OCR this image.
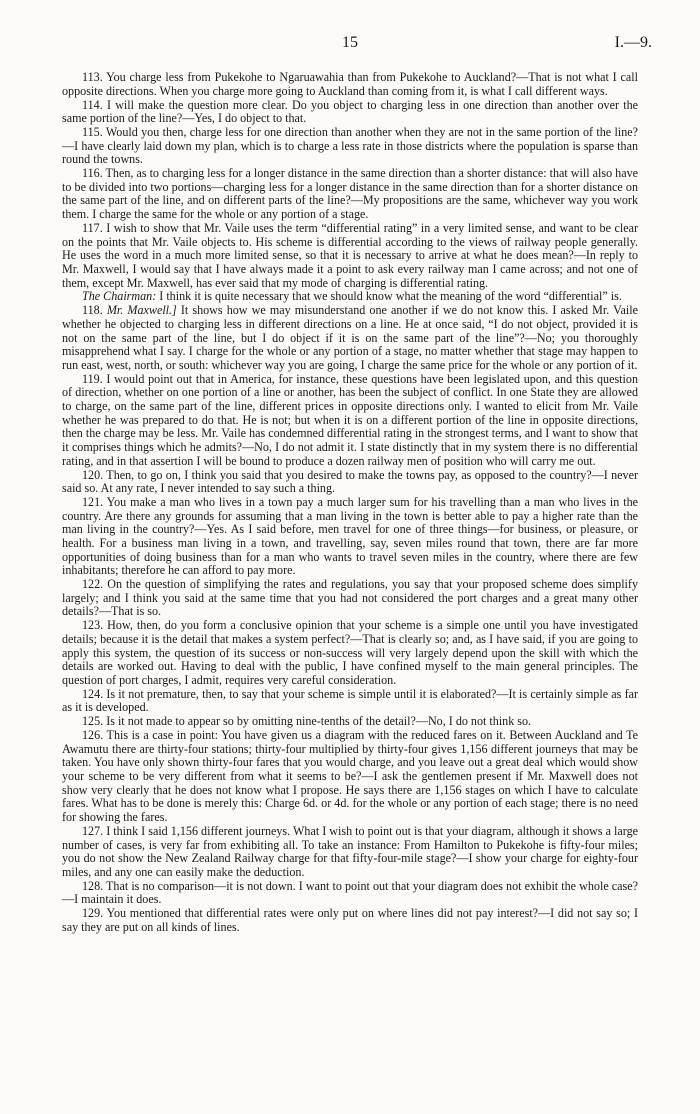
15	I.—9.

113. You charge less from Pukekohe to Ngaruawahia than from Pukekohe to Auckland?—That is not what I call opposite directions. When you charge more going to Auckland than coming from it, is what I call different ways.

114. I will make the question more clear. Do you object to charging less in one direction than another over the same portion of the line?—Yes, I do object to that.

115. Would you then, charge less for one direction than another when they are not in the same portion of the line?—I have clearly laid down my plan, which is to charge a less rate in those districts where the population is sparse than round the towns.

116. Then, as to charging less for a longer distance in the same direction than a shorter distance: that will also have to be divided into two portions—charging less for a longer distance in the same direction than for a shorter distance on the same part of the line, and on different parts of the line?—My propositions are the same, whichever way you work them. I charge the same for the whole or any portion of a stage.

117. I wish to show that Mr. Vaile uses the term “differential rating” in a very limited sense, and want to be clear on the points that Mr. Vaile objects to. His scheme is differential according to the views of railway people generally. He uses the word in a much more limited sense, so that it is necessary to arrive at what he does mean?—In reply to Mr. Maxwell, I would say that I have always made it a point to ask every railway man I came across; and not one of them, except Mr. Maxwell, has ever said that my mode of charging is differential rating.

The Chairman: I think it is quite necessary that we should know what the meaning of the word “differential” is.

118. Mr. Maxwell.] It shows how we may misunderstand one another if we do not know this. I asked Mr. Vaile whether he objected to charging less in different directions on a line. He at once said, “I do not object, provided it is not on the same part of the line, but I do object if it is on the same part of the line”?—No; you thoroughly misapprehend what I say. I charge for the whole or any portion of a stage, no matter whether that stage may happen to run east, west, north, or south: whichever way you are going, I charge the same price for the whole or any portion of it.

119. I would point out that in America, for instance, these questions have been legislated upon, and this question of direction, whether on one portion of a line or another, has been the subject of conflict. In one State they are allowed to charge, on the same part of the line, different prices in opposite directions only. I wanted to elicit from Mr. Vaile whether he was prepared to do that. He is not; but when it is on a different portion of the line in opposite directions, then the charge may be less. Mr. Vaile has condemned differential rating in the strongest terms, and I want to show that it comprises things which he admits?—No, I do not admit it. I state distinctly that in my system there is no differential rating, and in that assertion I will be bound to produce a dozen railway men of position who will carry me out.

120. Then, to go on, I think you said that you desired to make the towns pay, as opposed to the country?—I never said so. At any rate, I never intended to say such a thing.

121. You make a man who lives in a town pay a much larger sum for his travelling than a man who lives in the country. Are there any grounds for assuming that a man living in the town is better able to pay a higher rate than the man living in the country?—Yes. As I said before, men travel for one of three things—for business, or pleasure, or health. For a business man living in a town, and travelling, say, seven miles round that town, there are far more opportunities of doing business than for a man who wants to travel seven miles in the country, where there are few inhabitants; therefore he can afford to pay more.

122. On the question of simplifying the rates and regulations, you say that your proposed scheme does simplify largely; and I think you said at the same time that you had not considered the port charges and a great many other details?—That is so.

123. How, then, do you form a conclusive opinion that your scheme is a simple one until you have investigated details; because it is the detail that makes a system perfect?—That is clearly so; and, as I have said, if you are going to apply this system, the question of its success or non-success will very largely depend upon the skill with which the details are worked out. Having to deal with the public, I have confined myself to the main general principles. The question of port charges, I admit, requires very careful consideration.

124. Is it not premature, then, to say that your scheme is simple until it is elaborated?—It is certainly simple as far as it is developed.

125. Is it not made to appear so by omitting nine-tenths of the detail?—No, I do not think so.

126. This is a case in point: You have given us a diagram with the reduced fares on it. Between Auckland and Te Awamutu there are thirty-four stations; thirty-four multiplied by thirty-four gives 1,156 different journeys that may be taken. You have only shown thirty-four fares that you would charge, and you leave out a great deal which would show your scheme to be very different from what it seems to be?—I ask the gentlemen present if Mr. Maxwell does not show very clearly that he does not know what I propose. He says there are 1,156 stages on which I have to calculate fares. What has to be done is merely this: Charge 6d. or 4d. for the whole or any portion of each stage; there is no need for showing the fares.

127. I think I said 1,156 different journeys. What I wish to point out is that your diagram, although it shows a large number of cases, is very far from exhibiting all. To take an instance: From Hamilton to Pukekohe is fifty-four miles; you do not show the New Zealand Railway charge for that fifty-four-mile stage?—I show your charge for eighty-four miles, and any one can easily make the deduction.

128. That is no comparison—it is not down. I want to point out that your diagram does not exhibit the whole case?—I maintain it does.

129. You mentioned that differential rates were only put on where lines did not pay interest?—I did not say so; I say they are put on all kinds of lines.
